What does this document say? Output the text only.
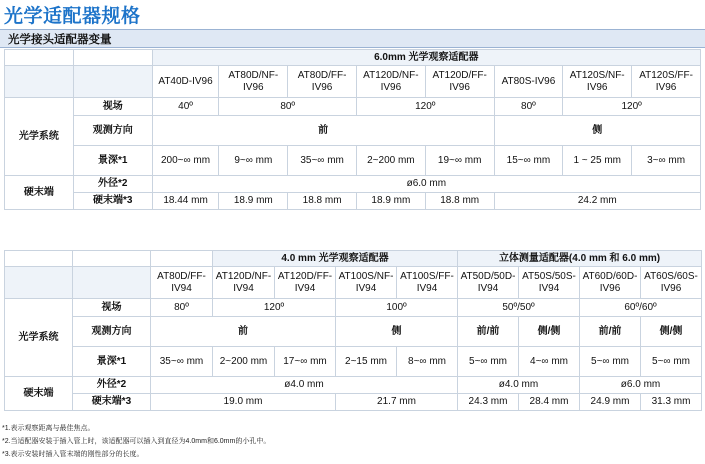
光学适配器规格
光学接头适配器变量
		6.0mm 光学观察适配器							
		AT40D-IV96	AT80D/NF-IV96	AT80D/FF-IV96	AT120D/NF-IV96	AT120D/FF-IV96	AT80S-IV96	AT120S/NF-IV96	AT120S/FF-IV96
光学系统	视场	40º	80º		120º		80º	120º	
	观测方向	前					侧		
	景深*1	200~∞ mm	9~∞ mm	35~∞ mm	2~200 mm	19~∞ mm	15~∞ mm	1 ~ 25 mm	3~∞ mm
硬末端	外径*2	ø6.0 mm							
	硬末端*3	18.44 mm	18.9 mm	18.8 mm	18.9 mm	18.8 mm	24.2 mm		
			4.0 mm 光学观察适配器				立体测量适配器(4.0 mm 和 6.0 mm)			
		AT80D/FF-IV94	AT120D/NF-IV94	AT120D/FF-IV94	AT100S/NF-IV94	AT100S/FF-IV94	AT50D/50D-IV94	AT50S/50S-IV94	AT60D/60D-IV96	AT60S/60S-IV96
光学系统	视场	80º	120º		100º		50º/50º		60º/60º	
	观测方向	前			侧		前/前	侧/侧	前/前	侧/侧
	景深*1	35~∞ mm	2~200 mm	17~∞ mm	2~15 mm	8~∞ mm	5~∞ mm	4~∞ mm	5~∞ mm	5~∞ mm
硬末端	外径*2	ø4.0 mm					ø4.0 mm		ø6.0 mm	
	硬末端*3	19.0 mm			21.7 mm		24.3 mm	28.4 mm	24.9 mm	31.3 mm
*1.表示观察距离与最佳焦点。
*2.当适配器安装于插入管上时，该适配器可以插入到直径为4.0mm和6.0mm的小孔中。
*3.表示安装时插入管末端的刚性部分的长度。
